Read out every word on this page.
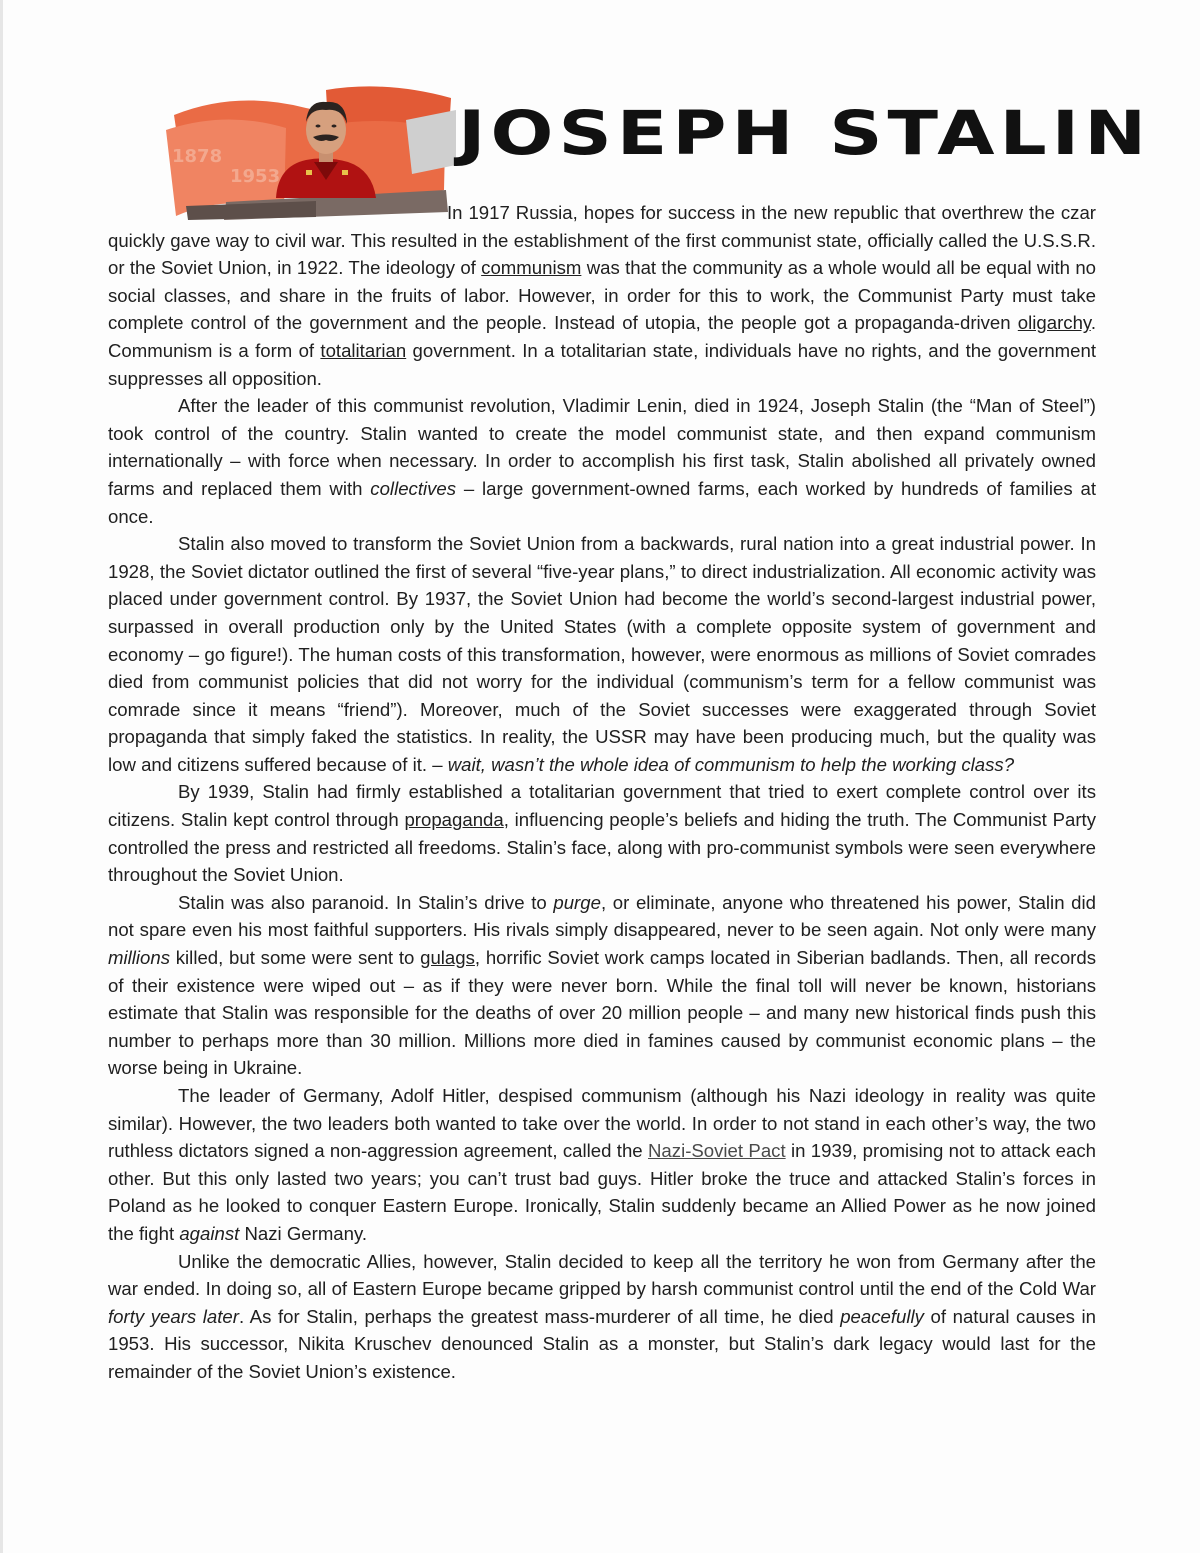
1878
1953
JOSEPH STALIN

In 1917 Russia, hopes for success in the new republic that overthrew the czar quickly gave way to civil war. This resulted in the establishment of the first communist state, officially called the U.S.S.R. or the Soviet Union, in 1922. The ideology of communism was that the community as a whole would all be equal with no social classes, and share in the fruits of labor. However, in order for this to work, the Communist Party must take complete control of the government and the people. Instead of utopia, the people got a propaganda-driven oligarchy. Communism is a form of totalitarian government. In a totalitarian state, individuals have no rights, and the government suppresses all opposition.

After the leader of this communist revolution, Vladimir Lenin, died in 1924, Joseph Stalin (the “Man of Steel”) took control of the country. Stalin wanted to create the model communist state, and then expand communism internationally – with force when necessary. In order to accomplish his first task, Stalin abolished all privately owned farms and replaced them with collectives – large government-owned farms, each worked by hundreds of families at once.

Stalin also moved to transform the Soviet Union from a backwards, rural nation into a great industrial power. In 1928, the Soviet dictator outlined the first of several “five-year plans,” to direct industrialization. All economic activity was placed under government control. By 1937, the Soviet Union had become the world’s second-largest industrial power, surpassed in overall production only by the United States (with a complete opposite system of government and economy – go figure!). The human costs of this transformation, however, were enormous as millions of Soviet comrades died from communist policies that did not worry for the individual (communism’s term for a fellow communist was comrade since it means “friend”). Moreover, much of the Soviet successes were exaggerated through Soviet propaganda that simply faked the statistics. In reality, the USSR may have been producing much, but the quality was low and citizens suffered because of it. – wait, wasn’t the whole idea of communism to help the working class?

By 1939, Stalin had firmly established a totalitarian government that tried to exert complete control over its citizens. Stalin kept control through propaganda, influencing people’s beliefs and hiding the truth. The Communist Party controlled the press and restricted all freedoms. Stalin’s face, along with pro-communist symbols were seen everywhere throughout the Soviet Union.

Stalin was also paranoid. In Stalin’s drive to purge, or eliminate, anyone who threatened his power, Stalin did not spare even his most faithful supporters. His rivals simply disappeared, never to be seen again. Not only were many millions killed, but some were sent to gulags, horrific Soviet work camps located in Siberian badlands. Then, all records of their existence were wiped out – as if they were never born. While the final toll will never be known, historians estimate that Stalin was responsible for the deaths of over 20 million people – and many new historical finds push this number to perhaps more than 30 million. Millions more died in famines caused by communist economic plans – the worse being in Ukraine.

The leader of Germany, Adolf Hitler, despised communism (although his Nazi ideology in reality was quite similar). However, the two leaders both wanted to take over the world. In order to not stand in each other’s way, the two ruthless dictators signed a non-aggression agreement, called the Nazi-Soviet Pact in 1939, promising not to attack each other. But this only lasted two years; you can’t trust bad guys. Hitler broke the truce and attacked Stalin’s forces in Poland as he looked to conquer Eastern Europe. Ironically, Stalin suddenly became an Allied Power as he now joined the fight against Nazi Germany.

Unlike the democratic Allies, however, Stalin decided to keep all the territory he won from Germany after the war ended. In doing so, all of Eastern Europe became gripped by harsh communist control until the end of the Cold War forty years later. As for Stalin, perhaps the greatest mass-murderer of all time, he died peacefully of natural causes in 1953. His successor, Nikita Kruschev denounced Stalin as a monster, but Stalin’s dark legacy would last for the remainder of the Soviet Union’s existence.
